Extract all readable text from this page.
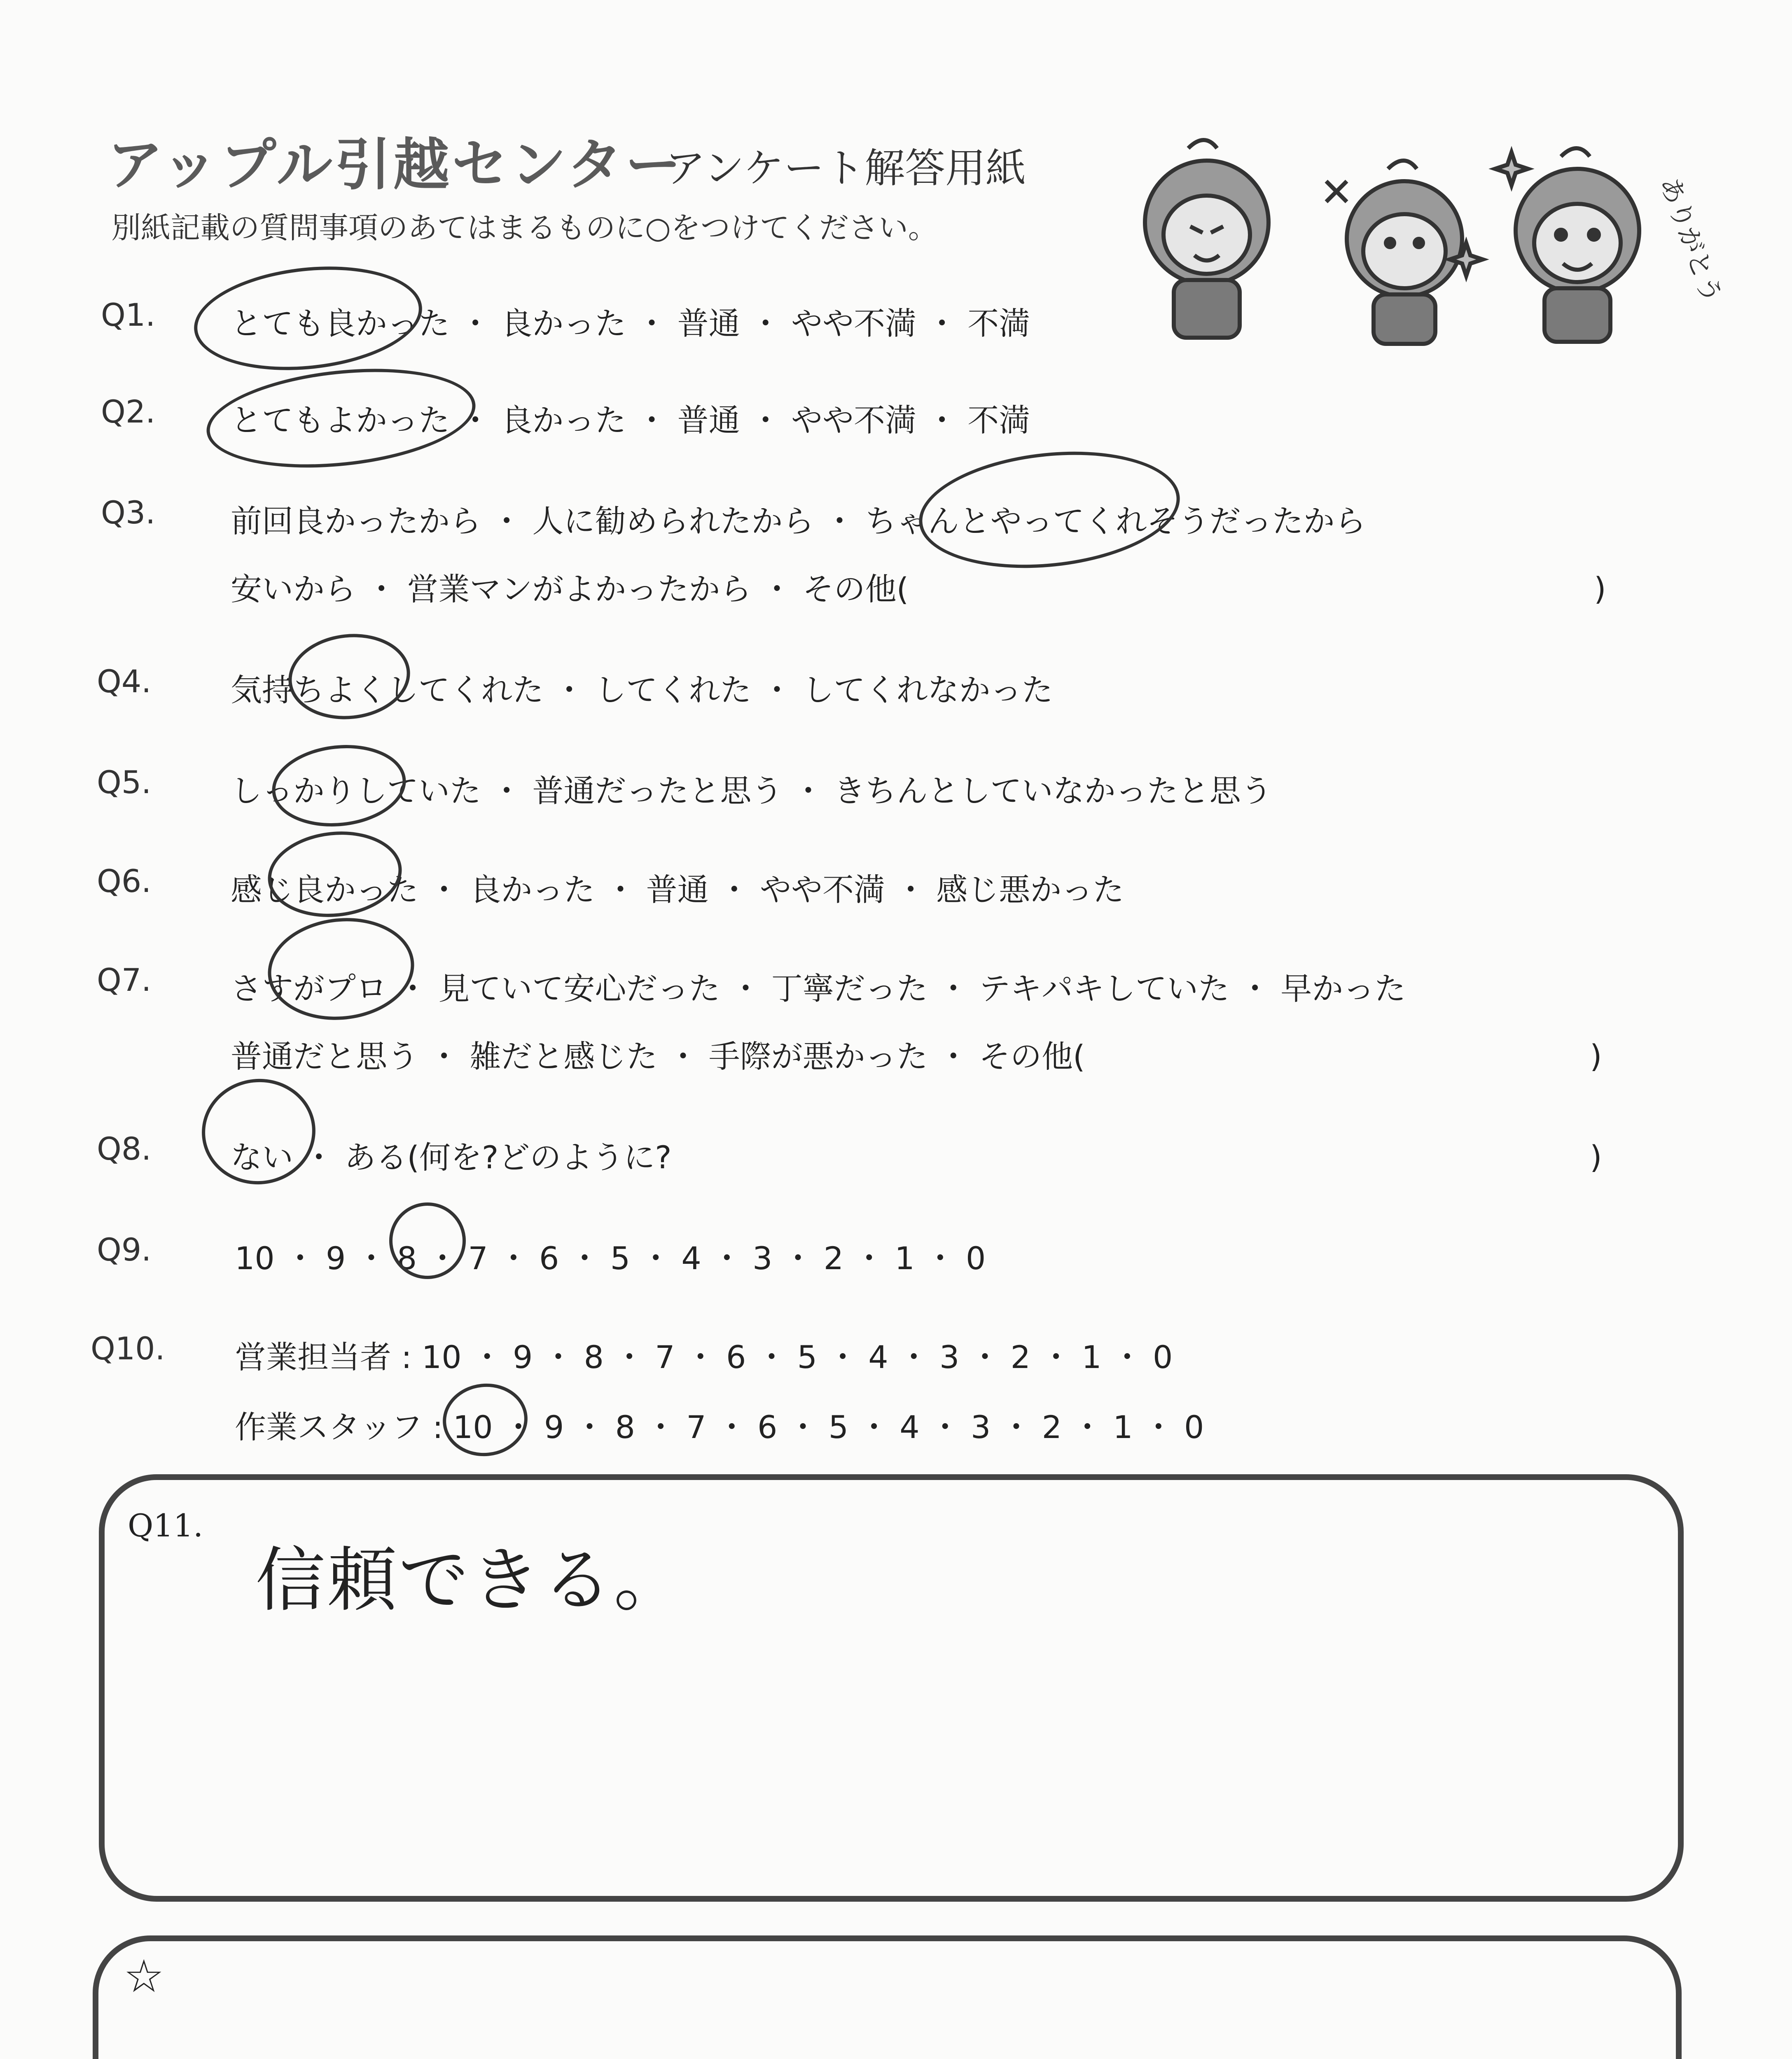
アップル引越センター
アンケート解答用紙
別紙記載の質問事項のあてはまるものに○をつけてください。	ありがとう
Q1. とても良かった ・ 良かった ・ 普通 ・ やや不満 ・ 不満
Q2. とてもよかった ・ 良かった ・ 普通 ・ やや不満 ・ 不満
Q3. 前回良かったから ・ 人に勧められたから ・ ちゃんとやってくれそうだったから
安いから ・ 営業マンがよかったから ・ その他(	)
Q4.	気持ちよくしてくれた ・ してくれた ・ してくれなかった
Q5.	しっかりしていた ・ 普通だったと思う ・ きちんとしていなかったと思う
Q6.	感じ良かった ・ 良かった ・ 普通 ・ やや不満 ・ 感じ悪かった
Q7.	さすがプロ ・ 見ていて安心だった ・ 丁寧だった ・ テキパキしていた ・ 早かった
普通だと思う ・ 雑だと感じた ・ 手際が悪かった ・ その他(	)
Q8.	ない ・ ある(何を?どのように?	)
Q9.	10 ・ 9 ・ 8 ・ 7 ・ 6 ・ 5 ・ 4 ・ 3 ・ 2 ・ 1 ・ 0
Q10. 営業担当者 : 10 ・ 9 ・ 8 ・ 7 ・ 6 ・ 5 ・ 4 ・ 3 ・ 2 ・ 1 ・ 0
作業スタッフ : 10 ・ 9 ・ 8 ・ 7 ・ 6 ・ 5 ・ 4 ・ 3 ・ 2 ・ 1 ・ 0
Q11.
信頼できる。
☆
